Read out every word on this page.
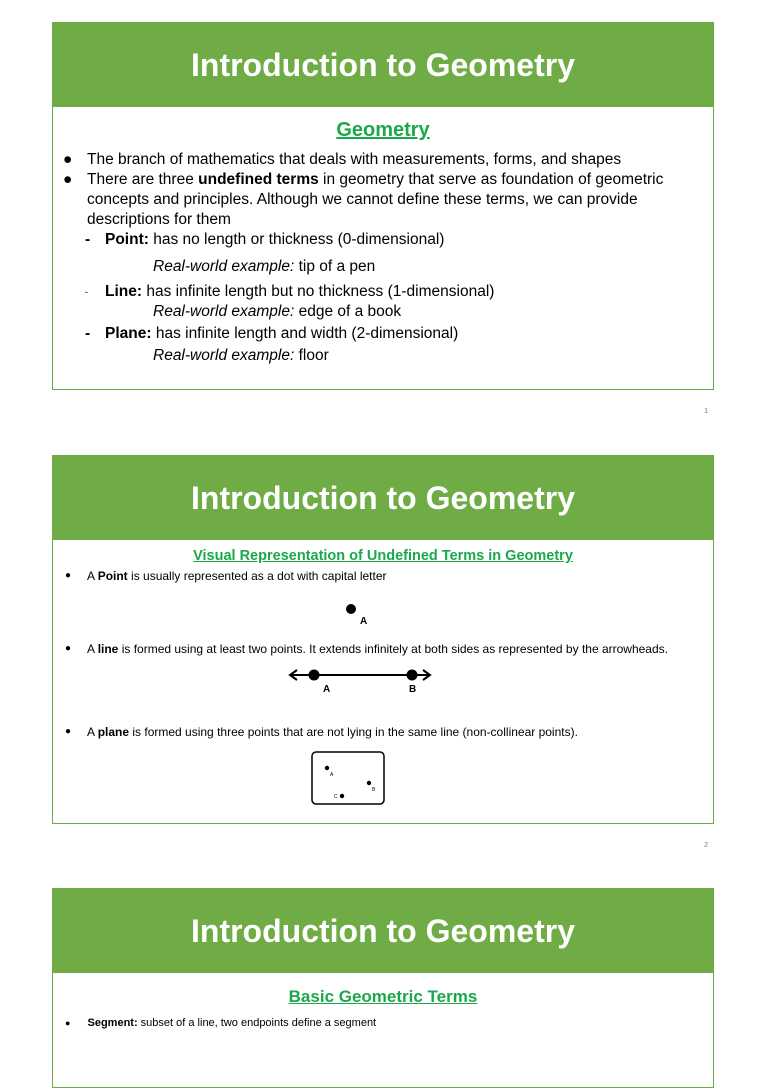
Introduction to Geometry
Geometry
● The branch of mathematics that deals with measurements, forms, and shapes
● There are three undefined terms in geometry that serve as foundation of geometric concepts and principles. Although we cannot define these terms, we can provide descriptions for them
- Point: has no length or thickness (0-dimensional)
Real-world example: tip of a pen
- Line: has infinite length but no thickness (1-dimensional)
Real-world example: edge of a book
- Plane: has infinite length and width (2-dimensional)
Real-world example: floor
1
Introduction to Geometry
Visual Representation of Undefined Terms in Geometry
● A Point is usually represented as a dot with capital letter
A
● A line is formed using at least two points. It extends infinitely at both sides as represented by the arrowheads.
A	B
● A plane is formed using three points that are not lying in the same line (non-collinear points).
A
B
C
2
Introduction to Geometry
Basic Geometric Terms
● Segment: subset of a line, two endpoints define a segment
